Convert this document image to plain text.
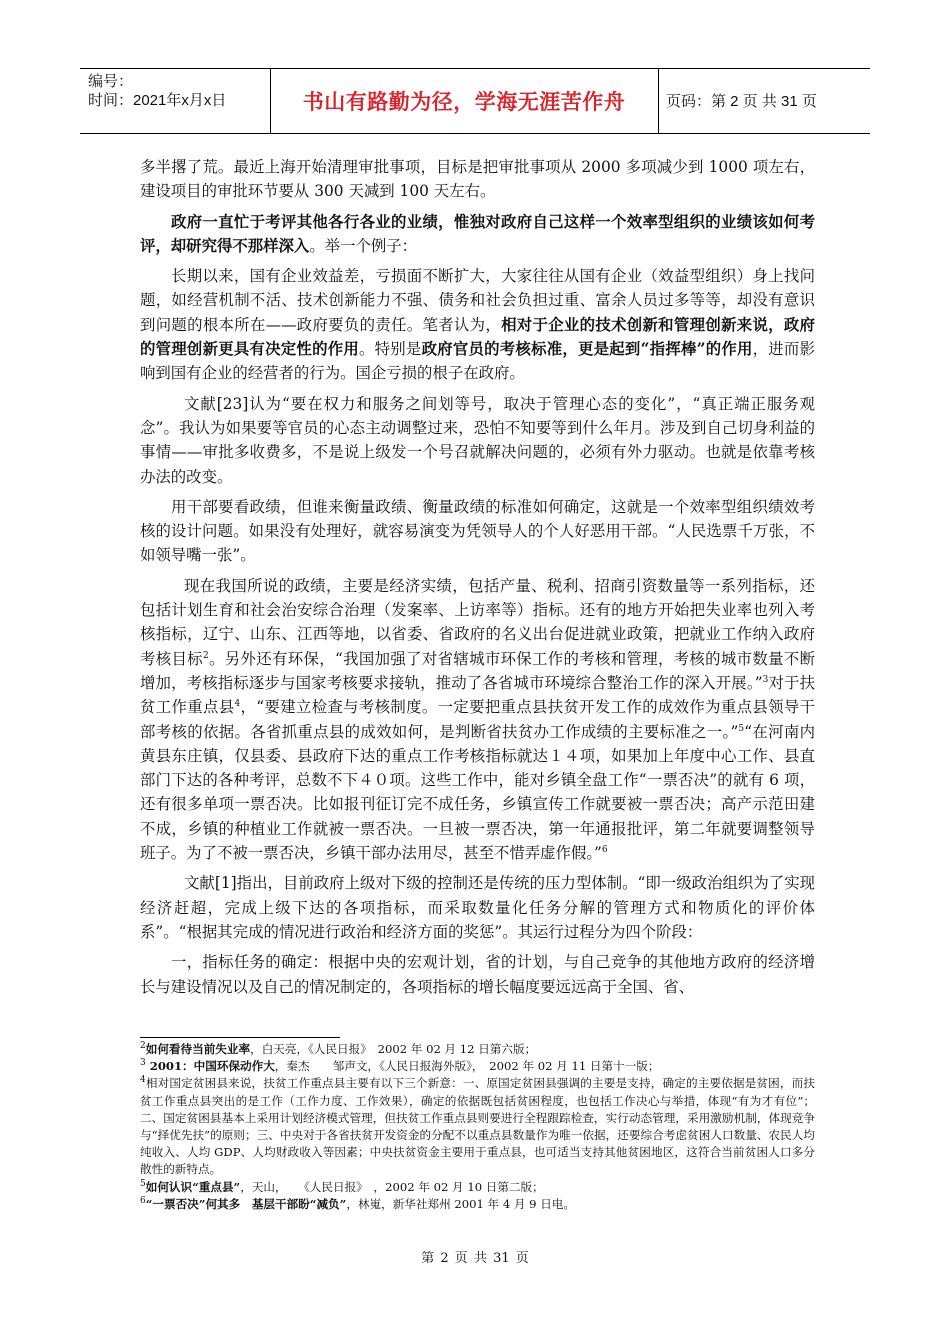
编号：
时间：2021年x月x日	书山有路勤为径，学海无涯苦作舟	页码：第 2 页 共 31 页

多半撂了荒。最近上海开始清理审批事项，目标是把审批事项从 2000 多项减少到 1000 项左右，建设项目的审批环节要从 300 天减到 100 天左右。

政府一直忙于考评其他各行各业的业绩，惟独对政府自己这样一个效率型组织的业绩该如何考评，却研究得不那样深入。举一个例子：

长期以来，国有企业效益差，亏损面不断扩大，大家往往从国有企业（效益型组织）身上找问题，如经营机制不活、技术创新能力不强、债务和社会负担过重、富余人员过多等等，却没有意识到问题的根本所在——政府要负的责任。笔者认为，相对于企业的技术创新和管理创新来说，政府的管理创新更具有决定性的作用。特别是政府官员的考核标准，更是起到“指挥棒”的作用，进而影响到国有企业的经营者的行为。国企亏损的根子在政府。

文献[23]认为“要在权力和服务之间划等号，取决于管理心态的变化”，“真正端正服务观念”。我认为如果要等官员的心态主动调整过来，恐怕不知要等到什么年月。涉及到自己切身利益的事情——审批多收费多，不是说上级发一个号召就解决问题的，必须有外力驱动。也就是依靠考核办法的改变。

用干部要看政绩，但谁来衡量政绩、衡量政绩的标准如何确定，这就是一个效率型组织绩效考核的设计问题。如果没有处理好，就容易演变为凭领导人的个人好恶用干部。“人民选票千万张，不如领导嘴一张”。

现在我国所说的政绩，主要是经济实绩，包括产量、税利、招商引资数量等一系列指标，还包括计划生育和社会治安综合治理（发案率、上访率等）指标。还有的地方开始把失业率也列入考核指标，辽宁、山东、江西等地，以省委、省政府的名义出台促进就业政策，把就业工作纳入政府考核目标$^2$。另外还有环保，“我国加强了对省辖城市环保工作的考核和管理，考核的城市数量不断增加，考核指标逐步与国家考核要求接轨，推动了各省城市环境综合整治工作的深入开展。”$^3$对于扶贫工作重点县$^4$，“要建立检查与考核制度。一定要把重点县扶贫开发工作的成效作为重点县领导干部考核的依据。各省抓重点县的成效如何，是判断省扶贫办工作成绩的主要标准之一。”$^5$“在河南内黄县东庄镇，仅县委、县政府下达的重点工作考核指标就达１４项，如果加上年度中心工作、县直部门下达的各种考评，总数不下４０项。这些工作中，能对乡镇全盘工作“一票否决”的就有 6 项，还有很多单项一票否决。比如报刊征订完不成任务，乡镇宣传工作就要被一票否决；高产示范田建不成，乡镇的种植业工作就被一票否决。一旦被一票否决，第一年通报批评，第二年就要调整领导班子。为了不被一票否决，乡镇干部办法用尽，甚至不惜弄虚作假。”$^6$

文献[1]指出，目前政府上级对下级的控制还是传统的压力型体制。“即一级政治组织为了实现经济赶超，完成上级下达的各项指标，而采取数量化任务分解的管理方式和物质化的评价体系”。“根据其完成的情况进行政治和经济方面的奖惩”。其运行过程分为四个阶段：

一，指标任务的确定：根据中央的宏观计划，省的计划，与自己竞争的其他地方政府的经济增长与建设情况以及自己的情况制定的，各项指标的增长幅度要远远高于全国、省、

$^2$如何看待当前失业率，白天亮，《人民日报》　2002 年 02 月 12 日第六版；

$^3$ 2001：中国环保动作大，秦杰　　邹声文，《人民日报海外版》，　2002 年 02 月 11 日第十一版；

$^4$相对国定贫困县来说，扶贫工作重点县主要有以下三个新意：一、原国定贫困县强调的主要是支持，确定的主要依据是贫困，而扶贫工作重点县突出的是工作（工作力度、工作效果），确定的依据既包括贫困程度，也包括工作决心与举措，体现“有为才有位”；二、国定贫困县基本上采用计划经济模式管理，但扶贫工作重点县则要进行全程跟踪检查，实行动态管理，采用激励机制，体现竞争与“择优先扶”的原则；三、中央对于各省扶贫开发资金的分配不以重点县数量作为唯一依据，还要综合考虑贫困人口数量、农民人均纯收入、人均 GDP、人均财政收入等因素；中央扶贫资金主要用于重点县，也可适当支持其他贫困地区，这符合当前贫困人口多分散性的新特点。

$^5$如何认识“重点县”，天山，　　《人民日报》　，2002 年 02 月 10 日第二版；

$^6$“一票否决”何其多　基层干部盼“减负”，林嵬，新华社郑州 2001 年 4 月 9 日电。

第 2 页 共 31 页
